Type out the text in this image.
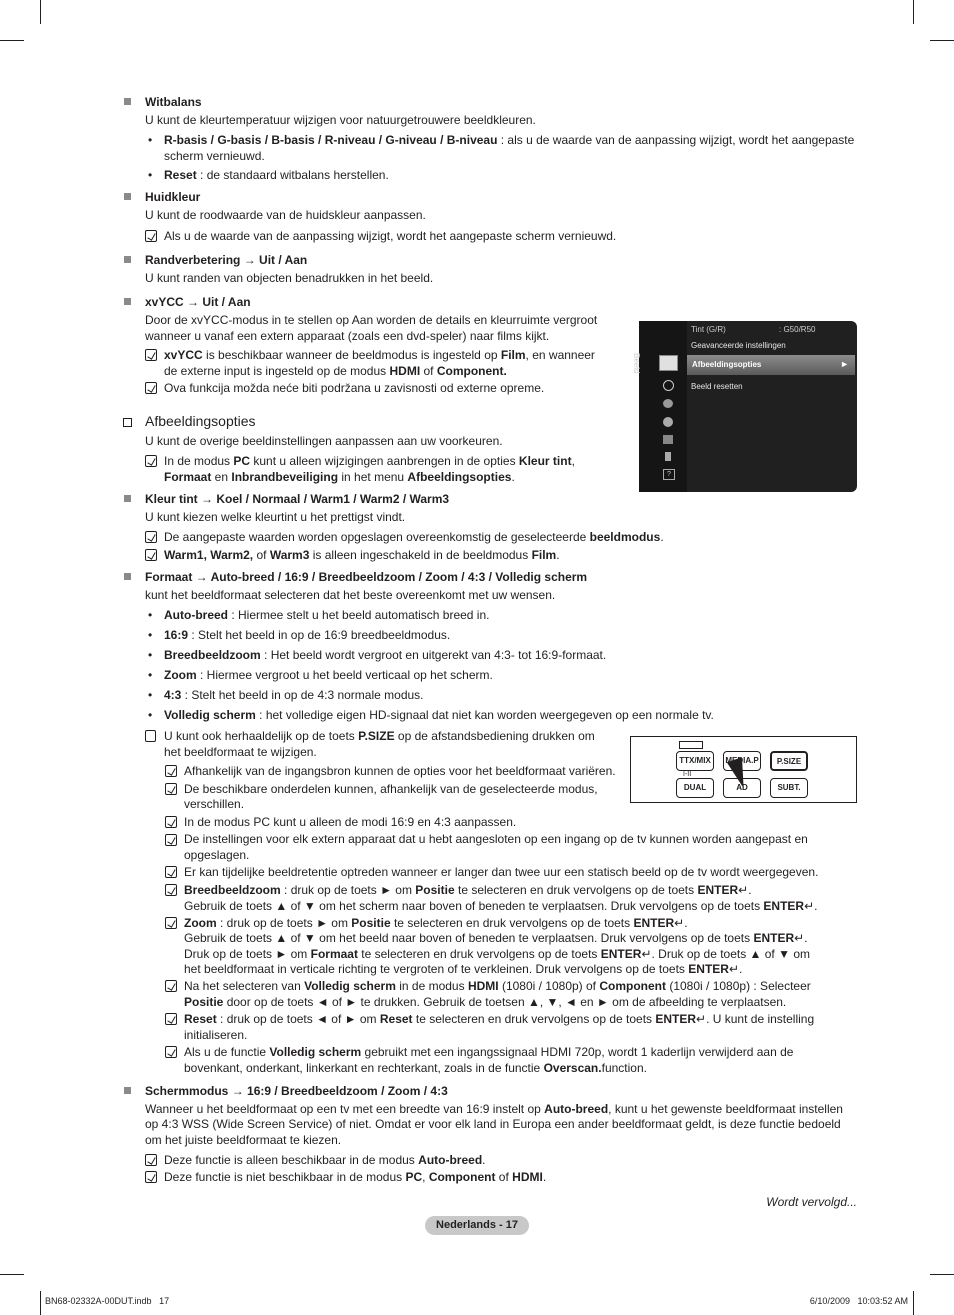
Witbalans
U kunt de kleurtemperatuur wijzigen voor natuurgetrouwere beeldkleuren.
• R-basis / G-basis / B-basis / R-niveau / G-niveau / B-niveau : als u de waarde van de aanpassing wijzigt, wordt het aangepaste scherm vernieuwd.
• Reset : de standaard witbalans herstellen.
Huidkleur
U kunt de roodwaarde van de huidskleur aanpassen.
Als u de waarde van de aanpassing wijzigt, wordt het aangepaste scherm vernieuwd.
Randverbetering → Uit / Aan
U kunt randen van objecten benadrukken in het beeld.
xvYCC → Uit / Aan
Door de xvYCC-modus in te stellen op Aan worden de details en kleurruimte vergroot
wanneer u vanaf een extern apparaat (zoals een dvd-speler) naar films kijkt.
xvYCC is beschikbaar wanneer de beeldmodus is ingesteld op Film, en wanneer
de externe input is ingesteld op de modus HDMI of Component.
Ova funkcija možda neće biti podržana u zavisnosti od externe opreme.
Beeld
?
Tint (G/R)	: G50/R50
Geavanceerde instellingen
Afbeeldingsopties	►
Beeld resetten
Afbeeldingsopties
U kunt de overige beeldinstellingen aanpassen aan uw voorkeuren.
In de modus PC kunt u alleen wijzigingen aanbrengen in de opties Kleur tint,
Formaat en Inbrandbeveiliging in het menu Afbeeldingsopties.
Kleur tint → Koel / Normaal / Warm1 / Warm2 / Warm3
U kunt kiezen welke kleurtint u het prettigst vindt.
De aangepaste waarden worden opgeslagen overeenkomstig de geselecteerde beeldmodus.
Warm1, Warm2, of Warm3 is alleen ingeschakeld in de beeldmodus Film.
Formaat → Auto-breed / 16:9 / Breedbeeldzoom / Zoom / 4:3 / Volledig scherm
kunt het beeldformaat selecteren dat het beste overeenkomt met uw wensen.
• Auto-breed : Hiermee stelt u het beeld automatisch breed in.
• 16:9 : Stelt het beeld in op de 16:9 breedbeeldmodus.
• Breedbeeldzoom : Het beeld wordt vergroot en uitgerekt van 4:3- tot 16:9-formaat.
• Zoom : Hiermee vergroot u het beeld verticaal op het scherm.
• 4:3 : Stelt het beeld in op de 4:3 normale modus.
• Volledig scherm : het volledige eigen HD-signaal dat niet kan worden weergegeven op een normale tv.
U kunt ook herhaaldelijk op de toets P.SIZE op de afstandsbediening drukken om
het beeldformaat te wijzigen.
TTX/MIX	MEDIA.P	P.SIZE
I-II
DUAL	AD	SUBT.
Afhankelijk van de ingangsbron kunnen de opties voor het beeldformaat variëren.
De beschikbare onderdelen kunnen, afhankelijk van de geselecteerde modus,
verschillen.
In de modus PC kunt u alleen de modi 16:9 en 4:3 aanpassen.
De instellingen voor elk extern apparaat dat u hebt aangesloten op een ingang op de tv kunnen worden aangepast en
opgeslagen.
Er kan tijdelijke beeldretentie optreden wanneer er langer dan twee uur een statisch beeld op de tv wordt weergegeven.
Breedbeeldzoom : druk op de toets ► om Positie te selecteren en druk vervolgens op de toets ENTER↵.
Gebruik de toets ▲ of ▼ om het scherm naar boven of beneden te verplaatsen. Druk vervolgens op de toets ENTER↵.
Zoom : druk op de toets ► om Positie te selecteren en druk vervolgens op de toets ENTER↵.
Gebruik de toets ▲ of ▼ om het beeld naar boven of beneden te verplaatsen. Druk vervolgens op de toets ENTER↵.
Druk op de toets ► om Formaat te selecteren en druk vervolgens op de toets ENTER↵. Druk op de toets ▲ of ▼ om
het beeldformaat in verticale richting te vergroten of te verkleinen. Druk vervolgens op de toets ENTER↵.
Na het selecteren van Volledig scherm in de modus HDMI (1080i / 1080p) of Component (1080i / 1080p) : Selecteer
Positie door op de toets ◄ of ► te drukken. Gebruik de toetsen ▲, ▼, ◄ en ► om de afbeelding te verplaatsen.
Reset : druk op de toets ◄ of ► om Reset te selecteren en druk vervolgens op de toets ENTER↵. U kunt de instelling
initialiseren.
Als u de functie Volledig scherm gebruikt met een ingangssignaal HDMI 720p, wordt 1 kaderlijn verwijderd aan de
bovenkant, onderkant, linkerkant en rechterkant, zoals in de functie Overscan.function.
Schermmodus → 16:9 / Breedbeeldzoom / Zoom / 4:3
Wanneer u het beeldformaat op een tv met een breedte van 16:9 instelt op Auto-breed, kunt u het gewenste beeldformaat instellen
op 4:3 WSS (Wide Screen Service) of niet. Omdat er voor elk land in Europa een ander beeldformaat geldt, is deze functie bedoeld
om het juiste beeldformaat te kiezen.
Deze functie is alleen beschikbaar in de modus Auto-breed.
Deze functie is niet beschikbaar in de modus PC, Component of HDMI.
Wordt vervolgd...
Nederlands - 17
BN68-02332A-00DUT.indb   17	6/10/2009   10:03:52 AM
